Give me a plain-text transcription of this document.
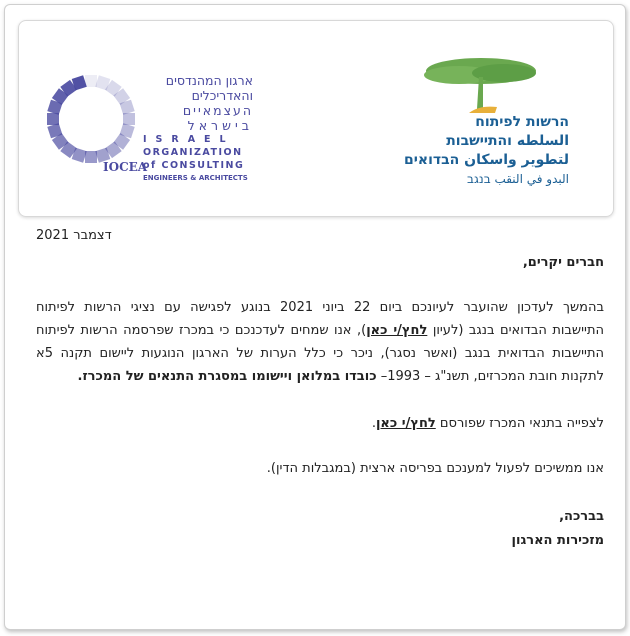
IOCEA
ארגון המהנדסים
והאדריכלים
העצמאיים
בישראל
ISRAEL
ORGANIZATION
of CONSULTING
ENGINEERS & ARCHITECTS
הרשות לפיתוח
السلطه והתיישבות
لتطوير واسكان הבדואים
البدو في النقب בנגב
דצמבר 2021
חברים יקרים,
בהמשך לעדכון שהועבר לעיונכם ביום 22 ביוני 2021 בנוגע לפגישה עם נציגי הרשות לפיתוח
התיישבות הבדואים בנגב (לעיון לחץ/י כאן), אנו שמחים לעדכנכם כי במכרז שפרסמה הרשות לפיתוח
התיישבות הבדואית בנגב (ואשר נסגר), ניכר כי כלל הערות של הארגון הנוגעות ליישום תקנה 5א
לתקנות חובת המכרזים, תשנ"ג – 1993– כובדו במלואן ויישומו במסגרת התנאים של המכרז.
לצפייה בתנאי המכרז שפורסם לחץ/י כאן.
אנו ממשיכים לפעול למענכם בפריסה ארצית (במגבלות הדין).
בברכה,
מזכירות הארגון
